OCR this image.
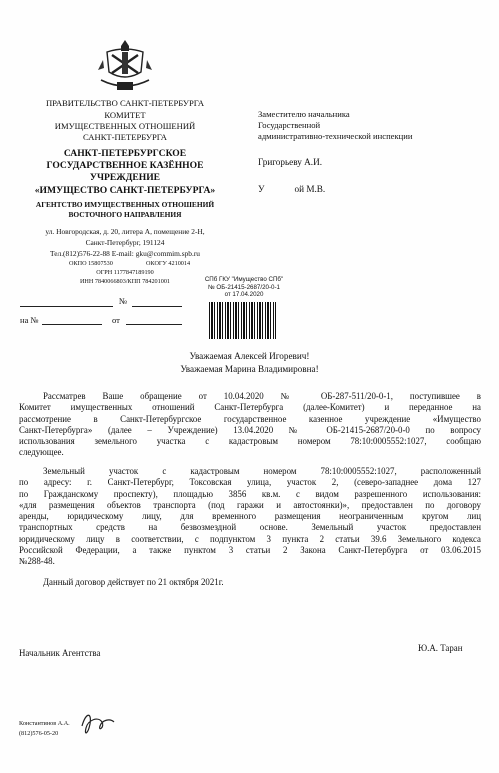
ПРАВИТЕЛЬСТВО САНКТ-ПЕТЕРБУРГА
КОМИТЕТ
ИМУЩЕСТВЕННЫХ ОТНОШЕНИЙ
САНКТ-ПЕТЕРБУРГА
САНКТ-ПЕТЕРБУРГСКОЕ
ГОСУДАРСТВЕННОЕ КАЗЁННОЕ
УЧРЕЖДЕНИЕ
«ИМУЩЕСТВО САНКТ-ПЕТЕРБУРГА»
АГЕНТСТВО ИМУЩЕСТВЕННЫХ ОТНОШЕНИЙ
ВОСТОЧНОГО НАПРАВЛЕНИЯ
ул. Новгородская, д. 20, литера А, помещение 2-Н,
Санкт-Петербург, 191124
Тел.(812)576-22-88 E-mail: gku@commim.spb.ru
ОКПО 15807530	ОКОГУ 4210014
ОГРН 1177847189190
ИНН 7840066803/КПП 784201001
№
на №	от
СПб ГКУ "Имущество СПб"
№ ОБ-21415-2687/20-0-1
от 17.04.2020
Заместителю начальника
Государственной
административно-технической инспекции
Григорьеву А.И.
У	ой М.В.
Уважаемая Алексей Игоревич!
Уважаемая Марина Владимировна!
Рассматрев Ваше обращение от 10.04.2020 № ОБ-287-511/20-0-1, поступившее в
Комитет имущественных отношений Санкт-Петербурга (далее-Комитет) и переданное на
рассмотрение в Санкт-Петербургское государственное казенное учреждение «Имущество
Санкт-Петербурга» (далее – Учреждение) 13.04.2020 № ОБ-21415-2687/20-0-0 по вопросу
использования земельного участка с кадастровым номером 78:10:0005552:1027, сообщаю
следующее.
Земельный участок с кадастровым номером 78:10:0005552:1027, расположенный
по адресу: г. Санкт-Петербург, Токсовская улица, участок 2, (северо-западнее дома 127
по Гражданскому проспекту), площадью 3856 кв.м. с видом разрешенного использования:
«для размещения объектов транспорта (под гаражи и автостоянки)», предоставлен по договору
аренды, юридическому лицу, для временного размещения неограниченным кругом лиц
транспортных средств на безвозмездной основе. Земельный участок предоставлен
юридическому лицу в соответствии, с подпунктом 3 пункта 2 статьи 39.6 Земельного кодекса
Российской Федерации, а также пунктом 3 статьи 2 Закона Санкт-Петербурга от 03.06.2015
№288-48.
Данный договор действует по 21 октября 2021г.
Начальник Агентства	Ю.А. Таран
Константинов А.А.
(812)576-05-20
